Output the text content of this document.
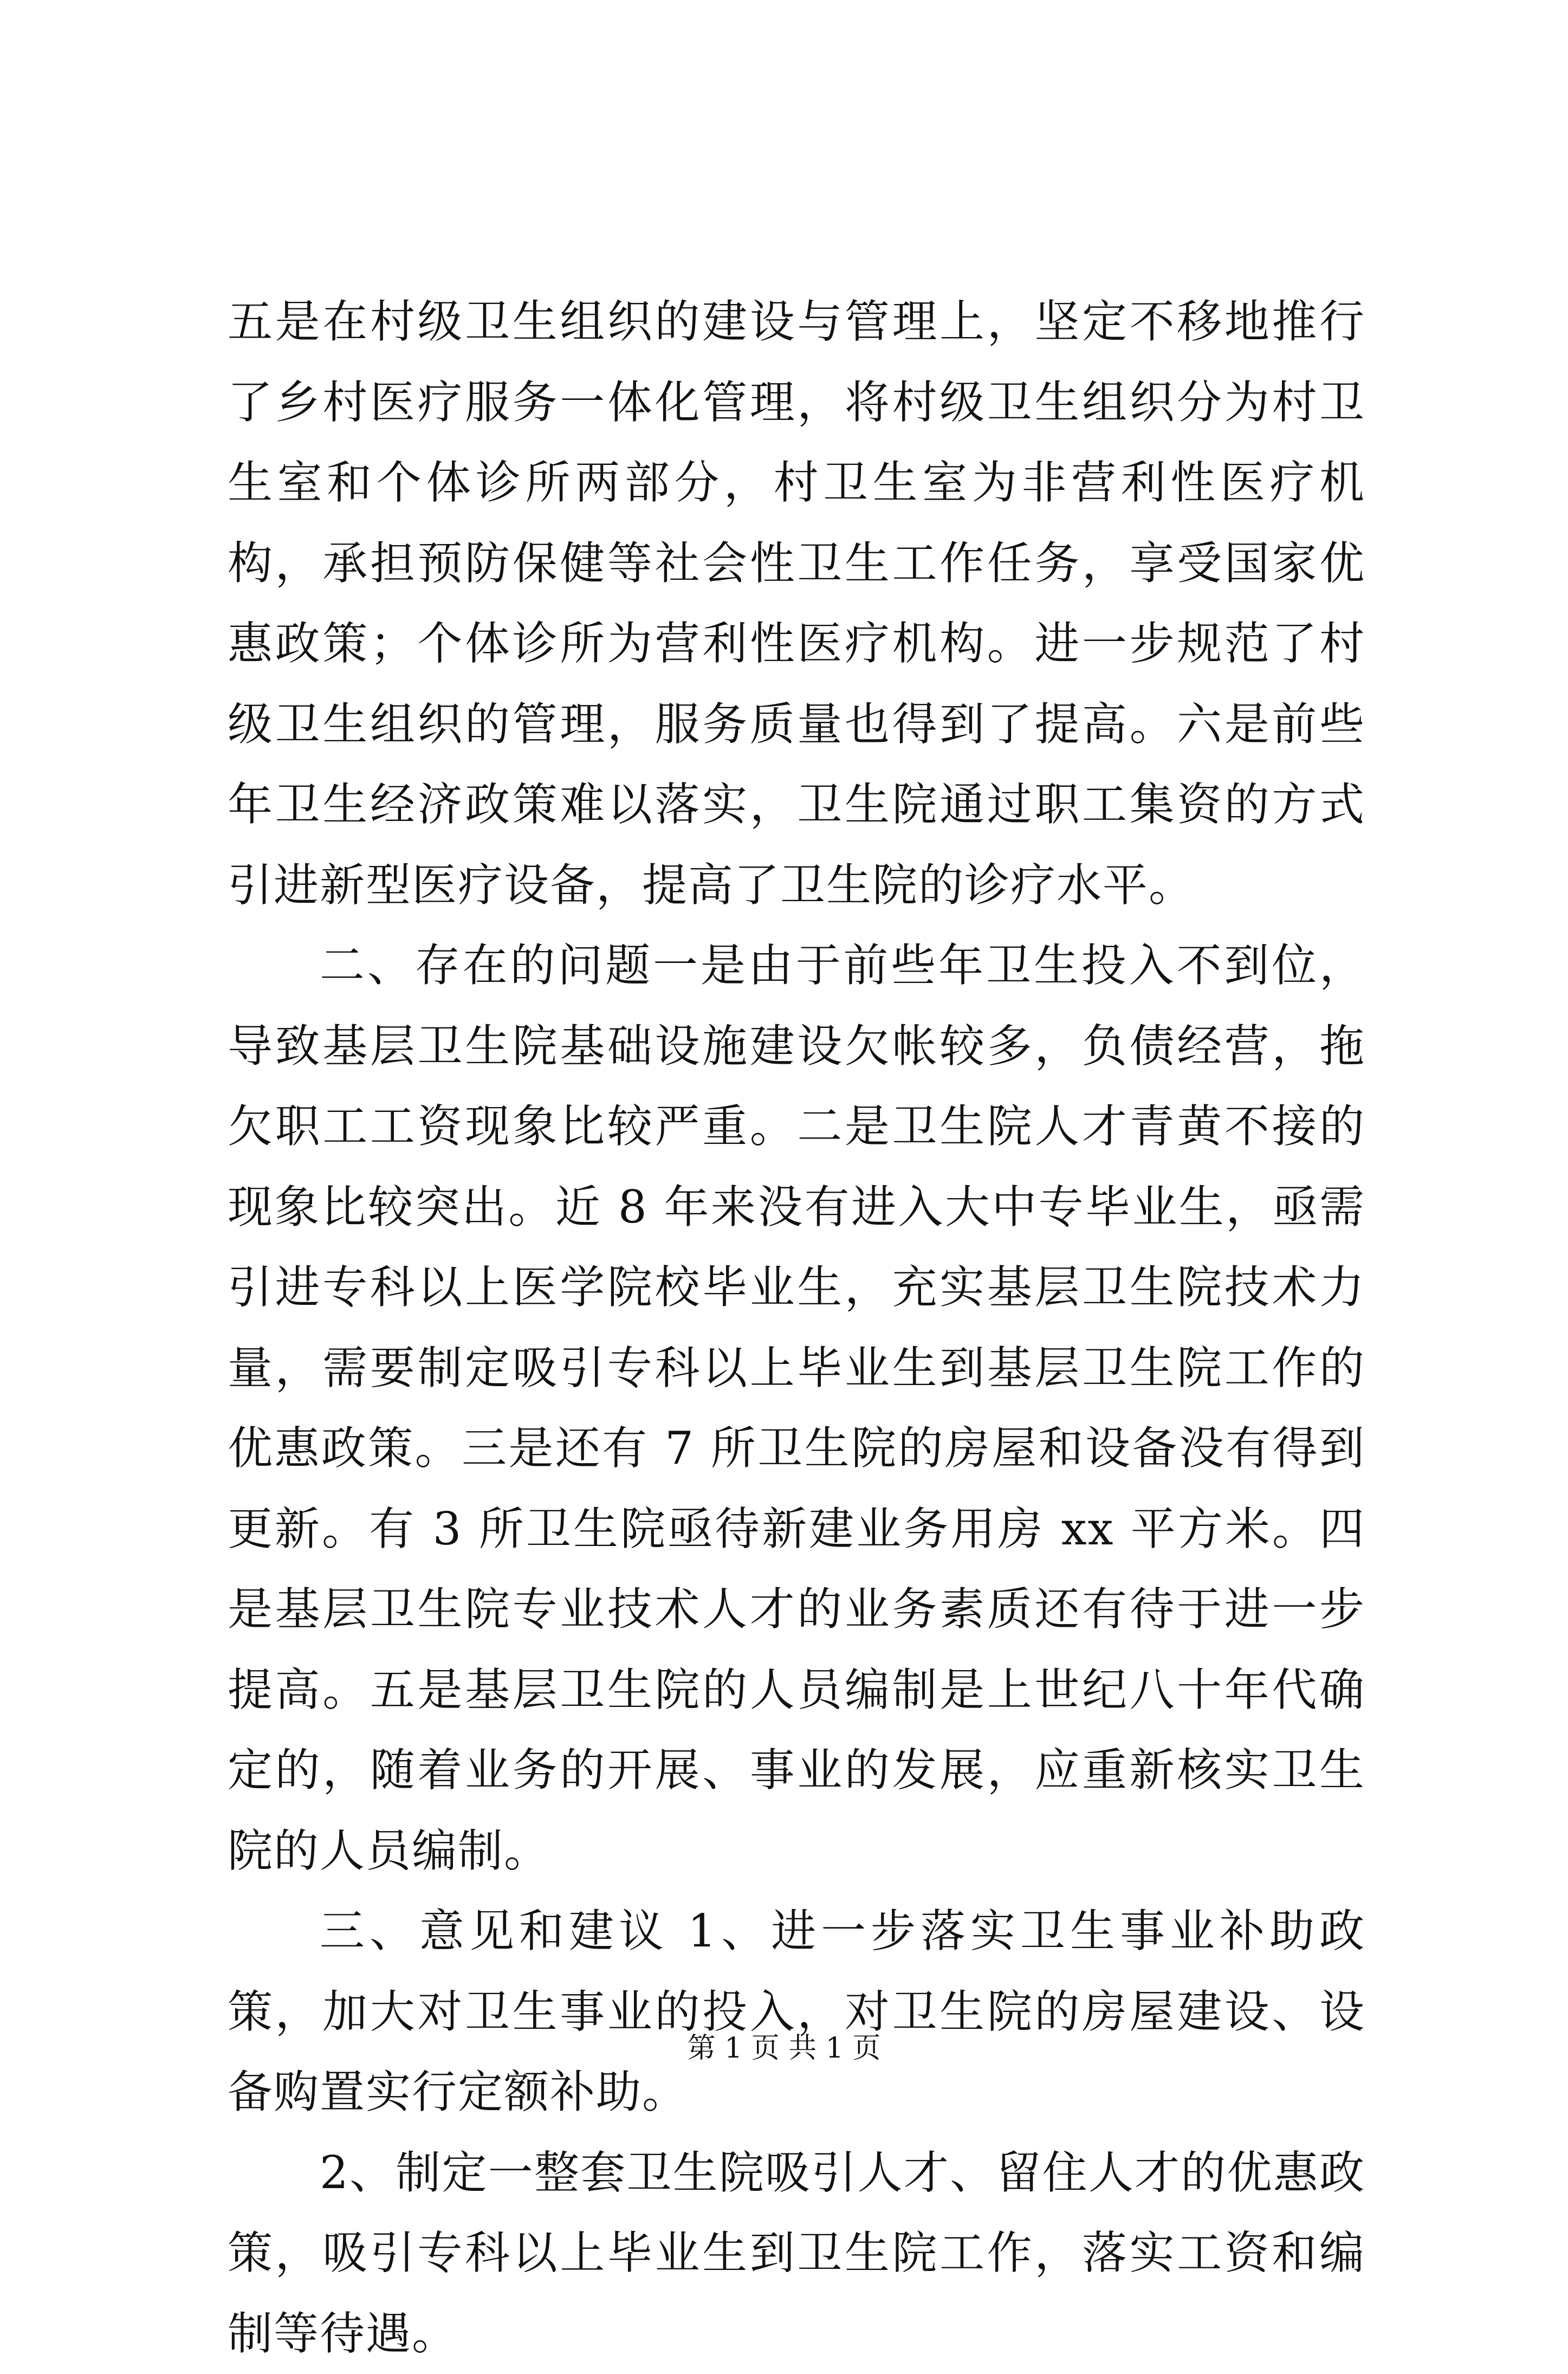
五是在村级卫生组织的建设与管理上，坚定不移地推行了乡村医疗服务一体化管理，将村级卫生组织分为村卫生室和个体诊所两部分，村卫生室为非营利性医疗机构，承担预防保健等社会性卫生工作任务，享受国家优惠政策；个体诊所为营利性医疗机构。进一步规范了村级卫生组织的管理，服务质量也得到了提高。六是前些年卫生经济政策难以落实，卫生院通过职工集资的方式引进新型医疗设备，提高了卫生院的诊疗水平。

二、存在的问题一是由于前些年卫生投入不到位，导致基层卫生院基础设施建设欠帐较多，负债经营，拖欠职工工资现象比较严重。二是卫生院人才青黄不接的现象比较突出。近 8 年来没有进入大中专毕业生，亟需引进专科以上医学院校毕业生，充实基层卫生院技术力量，需要制定吸引专科以上毕业生到基层卫生院工作的优惠政策。三是还有 7 所卫生院的房屋和设备没有得到更新。有 3 所卫生院亟待新建业务用房 xx 平方米。四是基层卫生院专业技术人才的业务素质还有待于进一步提高。五是基层卫生院的人员编制是上世纪八十年代确定的，随着业务的开展、事业的发展，应重新核实卫生院的人员编制。

三、意见和建议 1、进一步落实卫生事业补助政策，加大对卫生事业的投入，对卫生院的房屋建设、设备购置实行定额补助。

2、制定一整套卫生院吸引人才、留住人才的优惠政策，吸引专科以上毕业生到卫生院工作，落实工资和编制等待遇。

第 1 页 共 1 页
